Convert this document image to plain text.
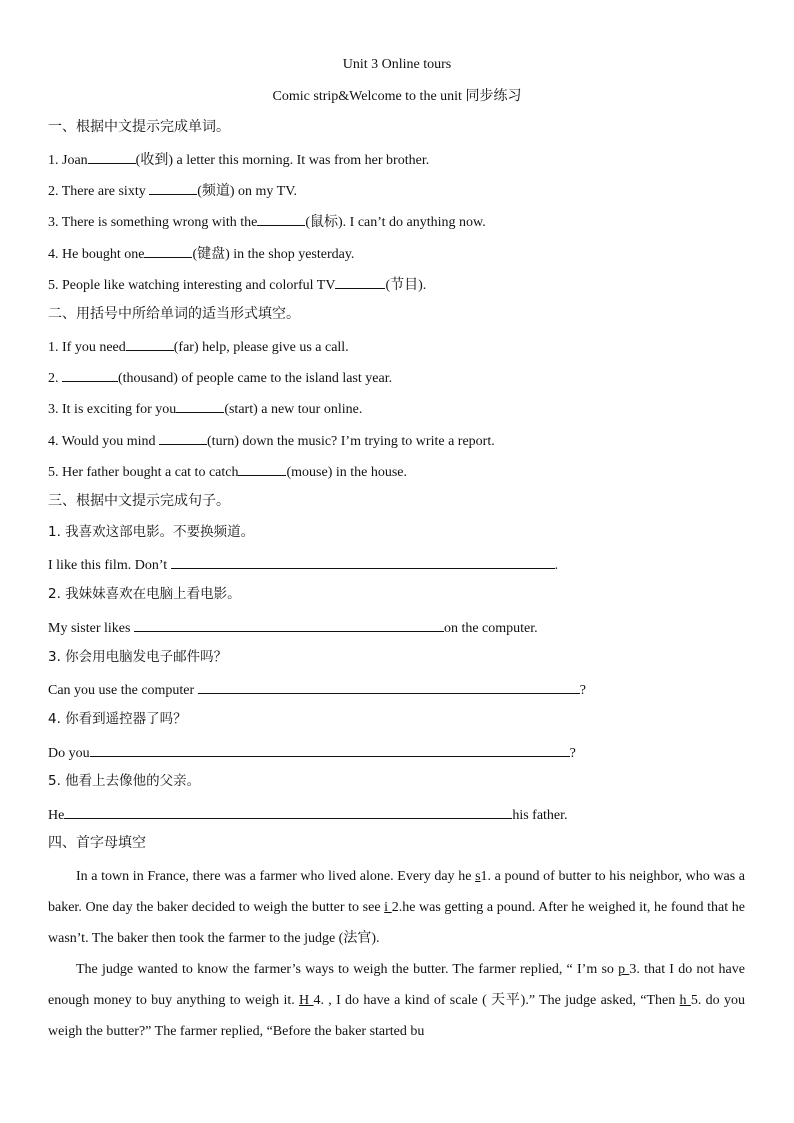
Unit 3 Online tours
Comic strip&Welcome to the unit 同步练习
一、根据中文提示完成单词。
1. Joan	(收到) a letter this morning. It was from her brother.
2. There are sixty	(频道) on my TV.
3. There is something wrong with the	(鼠标). I can’t do anything now.
4. He bought one	(键盘) in the shop yesterday.
5. People like watching interesting and colorful TV	(节目).
二、用括号中所给单词的适当形式填空。
1. If you need	(far) help, please give us a call.
2.	(thousand) of people came to the island last year.
3. It is exciting for you	(start) a new tour online.
4. Would you mind	(turn) down the music? I’m trying to write a report.
5. Her father bought a cat to catch	(mouse) in the house.
三、根据中文提示完成句子。
1. 我喜欢这部电影。不要换频道。
I like this film. Don’t	.
2. 我妹妹喜欢在电脑上看电影。
My sister likes	on the computer.
3. 你会用电脑发电子邮件吗？
Can you use the computer	?
4. 你看到遥控器了吗？
Do you	?
5. 他看上去像他的父亲。
He	his father.
四、首字母填空
In a town in France, there was a farmer who lived alone. Every day he s1. a pound of butter to his neighbor, who was a baker. One day the baker decided to weigh the butter to see i 2.he was getting a pound. After he weighed it, he found that he wasn’t. The baker then took the farmer to the judge (法官).
The judge wanted to know the farmer’s ways to weigh the butter. The farmer replied, “ I’m so p 3. that I do not have enough money to buy anything to weigh it. H 4. , I do have a kind of scale ( 天平).” The judge asked, “Then h 5. do you weigh the butter?” The farmer replied, “Before the baker started bu
